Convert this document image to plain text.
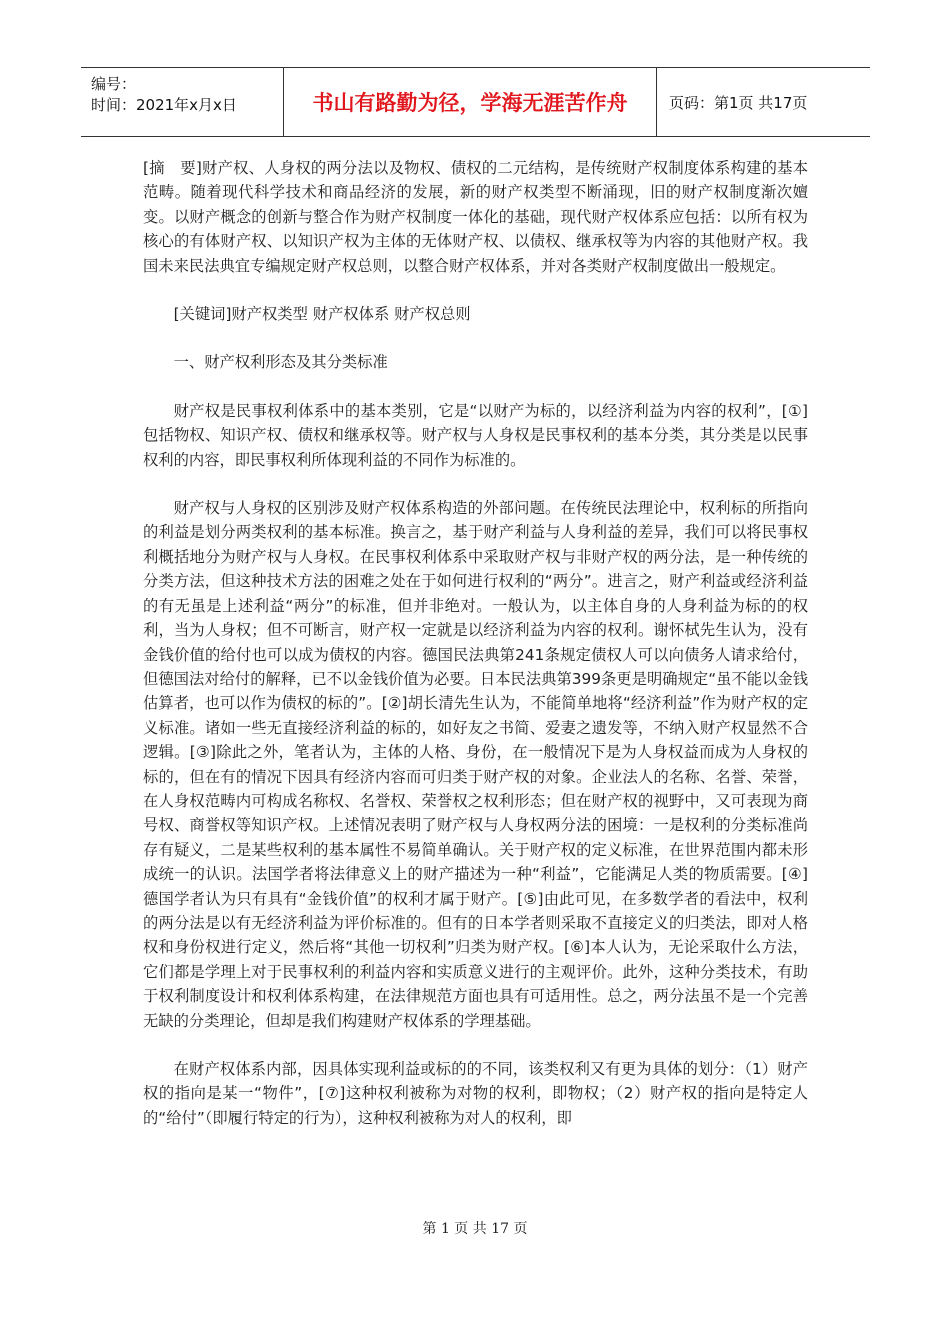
编号：
时间：2021年x月x日	书山有路勤为径，学海无涯苦作舟	页码：第1页 共17页

[摘　要]财产权、人身权的两分法以及物权、债权的二元结构，是传统财产权制度体系构建的基本范畴。随着现代科学技术和商品经济的发展，新的财产权类型不断涌现，旧的财产权制度渐次嬗变。以财产概念的创新与整合作为财产权制度一体化的基础，现代财产权体系应包括：以所有权为核心的有体财产权、以知识产权为主体的无体财产权、以债权、继承权等为内容的其他财产权。我国未来民法典宜专编规定财产权总则，以整合财产权体系，并对各类财产权制度做出一般规定。

[关键词]财产权类型 财产权体系 财产权总则

一、财产权利形态及其分类标准

财产权是民事权利体系中的基本类别，它是“以财产为标的，以经济利益为内容的权利”，[①]包括物权、知识产权、债权和继承权等。财产权与人身权是民事权利的基本分类，其分类是以民事权利的内容，即民事权利所体现利益的不同作为标准的。

财产权与人身权的区别涉及财产权体系构造的外部问题。在传统民法理论中，权利标的所指向的利益是划分两类权利的基本标准。换言之，基于财产利益与人身利益的差异，我们可以将民事权利概括地分为财产权与人身权。在民事权利体系中采取财产权与非财产权的两分法，是一种传统的分类方法，但这种技术方法的困难之处在于如何进行权利的“两分”。进言之，财产利益或经济利益的有无虽是上述利益“两分”的标准，但并非绝对。一般认为，以主体自身的人身利益为标的的权利，当为人身权；但不可断言，财产权一定就是以经济利益为内容的权利。谢怀栻先生认为，没有金钱价值的给付也可以成为债权的内容。德国民法典第241条规定债权人可以向债务人请求给付，但德国法对给付的解释，已不以金钱价值为必要。日本民法典第399条更是明确规定“虽不能以金钱估算者，也可以作为债权的标的”。[②]胡长清先生认为，不能简单地将“经济利益”作为财产权的定义标准。诸如一些无直接经济利益的标的，如好友之书简、爱妻之遗发等，不纳入财产权显然不合逻辑。[③]除此之外，笔者认为，主体的人格、身份，在一般情况下是为人身权益而成为人身权的标的，但在有的情况下因具有经济内容而可归类于财产权的对象。企业法人的名称、名誉、荣誉，在人身权范畴内可构成名称权、名誉权、荣誉权之权利形态；但在财产权的视野中，又可表现为商号权、商誉权等知识产权。上述情况表明了财产权与人身权两分法的困境：一是权利的分类标准尚存有疑义，二是某些权利的基本属性不易简单确认。关于财产权的定义标准，在世界范围内都未形成统一的认识。法国学者将法律意义上的财产描述为一种“利益”，它能满足人类的物质需要。[④]德国学者认为只有具有“金钱价值”的权利才属于财产。[⑤]由此可见，在多数学者的看法中，权利的两分法是以有无经济利益为评价标准的。但有的日本学者则采取不直接定义的归类法，即对人格权和身份权进行定义，然后将“其他一切权利”归类为财产权。[⑥]本人认为，无论采取什么方法，它们都是学理上对于民事权利的利益内容和实质意义进行的主观评价。此外，这种分类技术，有助于权利制度设计和权利体系构建，在法律规范方面也具有可适用性。总之，两分法虽不是一个完善无缺的分类理论，但却是我们构建财产权体系的学理基础。

在财产权体系内部，因具体实现利益或标的的不同，该类权利又有更为具体的划分：（1）财产权的指向是某一“物件”，[⑦]这种权利被称为对物的权利，即物权；（2）财产权的指向是特定人的“给付”（即履行特定的行为），这种权利被称为对人的权利，即

第 1 页 共 17 页
